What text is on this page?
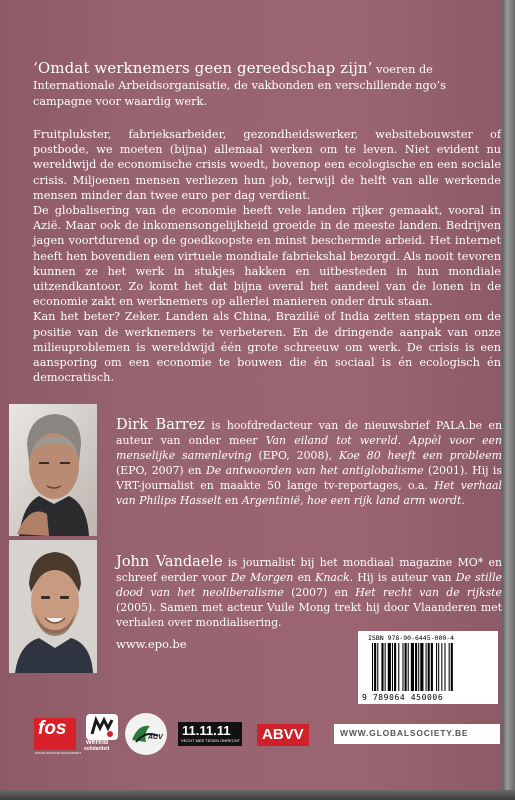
‘Omdat werknemers geen gereedschap zijn’ voeren de Internationale Arbeidsorganisatie, de vakbonden en verschillende ngo’s campagne voor waardig werk.

Fruitplukster, fabrieksarbeider, gezondheidswerker, websitebouwster of postbode, we moeten (bijna) allemaal werken om te leven. Niet evident nu wereldwijd de economische crisis woedt, bovenop een ecologische en een sociale crisis. Miljoenen mensen verliezen hun job, terwijl de helft van alle werkende mensen minder dan twee euro per dag verdient.

De globalisering van de economie heeft vele landen rijker gemaakt, vooral in Azië. Maar ook de inkomensongelijkheid groeide in de meeste landen. Bedrijven jagen voortdurend op de goedkoopste en minst beschermde arbeid. Het internet heeft hen bovendien een virtuele mondiale fabriekshal bezorgd. Als nooit tevoren kunnen ze het werk in stukjes hakken en uitbesteden in hun mondiale uitzendkantoor. Zo komt het dat bijna overal het aandeel van de lonen in de economie zakt en werknemers op allerlei manieren onder druk staan.

Kan het beter? Zeker. Landen als China, Brazilië of India zetten stappen om de positie van de werknemers te verbeteren. En de dringende aanpak van onze milieuproblemen is wereldwijd één grote schreeuw om werk. De crisis is een aansporing om een economie te bouwen die én sociaal is én ecologisch én democratisch.

Dirk Barrez is hoofdredacteur van de nieuwsbrief PALA.be en auteur van onder meer Van eiland tot wereld. Appèl voor een menselijke samenleving (EPO, 2008), Koe 80 heeft een probleem (EPO, 2007) en De antwoorden van het antiglobalisme (2001). Hij is VRT-journalist en maakte 50 lange tv-reportages, o.a. Het verhaal van Philips Hasselt en Argentinië, hoe een rijk land arm wordt.
John Vandaele is journalist bij het mondiaal magazine MO* en schreef eerder voor De Morgen en Knack. Hij is auteur van De stille dood van het neoliberalisme (2007) en Het recht van de rijkste (2005). Samen met acteur Vuile Mong trekt hij door Vlaanderen met verhalen over mondialisering.
www.epo.be	ISBN 978-90-6445-000-4
9 789064 450006
fos
SOCIALISTISCHE SOLIDARITEIT
wereld
solidariteit
ACV 11.11.11
VECHT MEE TEGEN ONRECHT ABVV	WWW.GLOBALSOCIETY.BE
